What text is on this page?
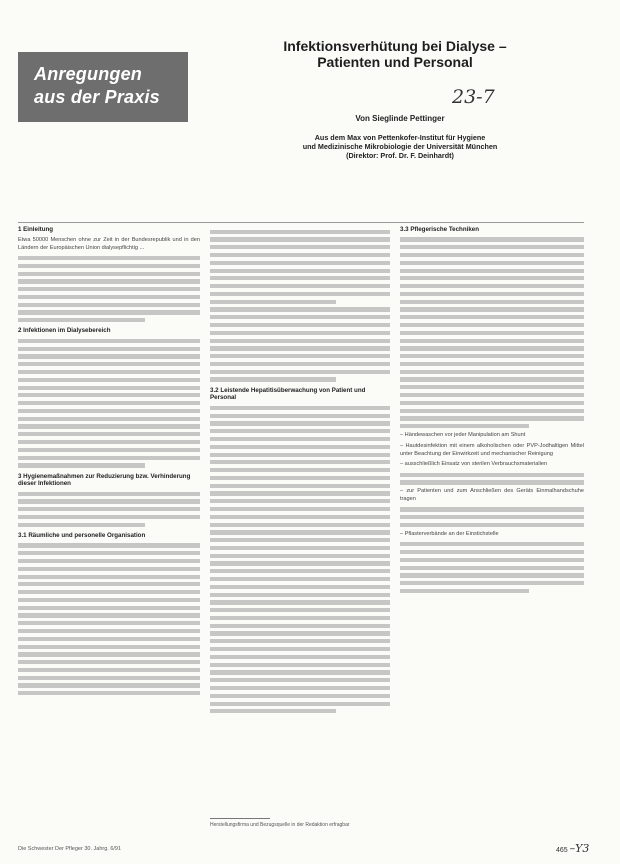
Anregungen
aus der Praxis
Infektionsverhütung bei Dialyse –
Patienten und Personal
23-7
Von Sieglinde Pettinger
Aus dem Max von Pettenkofer-Institut für Hygiene
und Medizinische Mikrobiologie der Universität München
(Direktor: Prof. Dr. F. Deinhardt)
1 Einleitung

Etwa 50000 Menschen ohne zur Zeit in der Bundesrepublik und in den Ländern der Europäischen Union dialysepflichtig ...

2 Infektionen im Dialysebereich
3 Hygienemaßnahmen zur Reduzierung bzw. Verhinderung dieser Infektionen
3.1 Räumliche und personelle Organisation
3.2 Leistende Hepatitisüberwachung von Patient und Personal
Herstellungsfirma und Bezugsquelle in der Redaktion erfragbar
3.3 Pflegerische Techniken

– Händewaschen vor jeder Manipulation am Shunt

– Hautdesinfektion mit einem alkoholischen oder PVP-Jodhaltigen Mittel unter Beachtung der Einwirkzeit und mechanischer Reinigung

– ausschließlich Einsatz von sterilen Verbrauchsmaterialien

– zur Patienten und zum Anschließen des Geräts Einmalhandschuhe tragen

– Pflasterverbände an der Einstichstelle

Die Schwester Der Pfleger 30. Jahrg. 6/91	465 –Y3
